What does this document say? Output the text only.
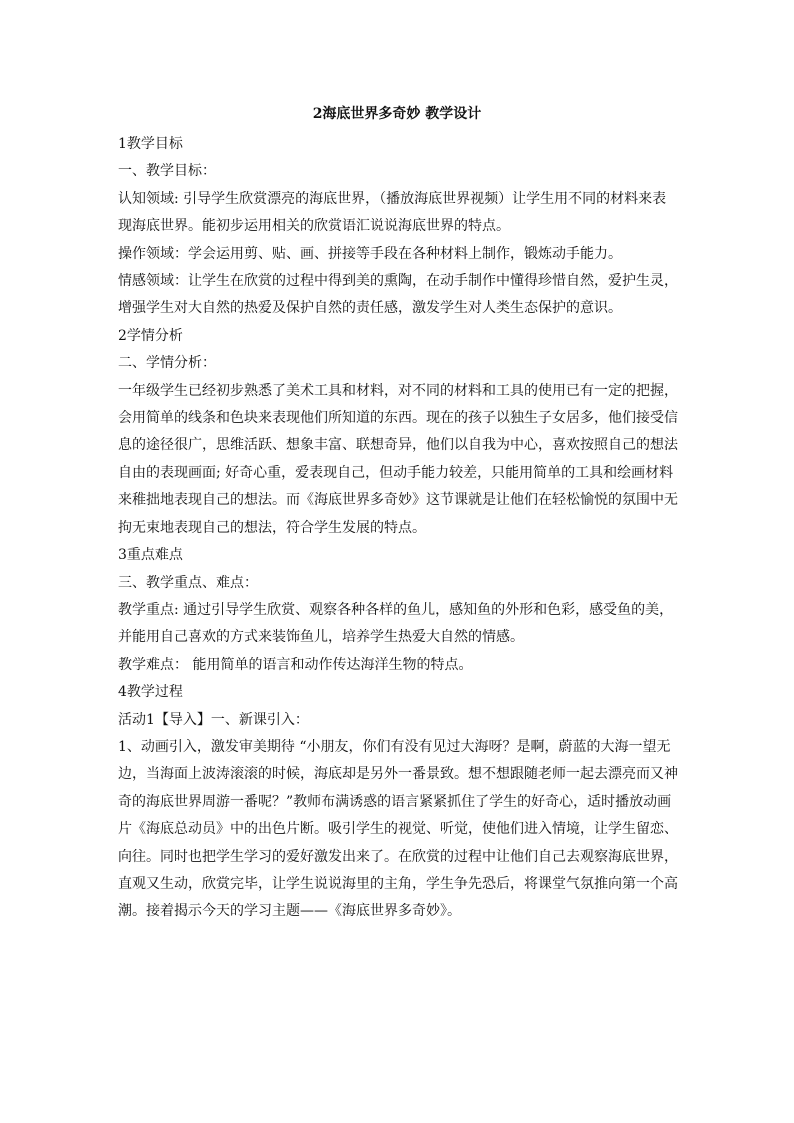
2海底世界多奇妙 教学设计

1教学目标

一、教学目标：

认知领域: 引导学生欣赏漂亮的海底世界，（播放海底世界视频）让学生用不同的材料来表现海底世界。能初步运用相关的欣赏语汇说说海底世界的特点。

操作领域：学会运用剪、贴、画、拼接等手段在各种材料上制作，锻炼动手能力。

情感领域：让学生在欣赏的过程中得到美的熏陶，在动手制作中懂得珍惜自然，爱护生灵，增强学生对大自然的热爱及保护自然的责任感，激发学生对人类生态保护的意识。

2学情分析

二、学情分析：

一年级学生已经初步熟悉了美术工具和材料，对不同的材料和工具的使用已有一定的把握，会用简单的线条和色块来表现他们所知道的东西。现在的孩子以独生子女居多，他们接受信息的途径很广，思维活跃、想象丰富、联想奇异，他们以自我为中心，喜欢按照自己的想法自由的表现画面; 好奇心重，爱表现自己，但动手能力较差，只能用简单的工具和绘画材料来稚拙地表现自己的想法。而《海底世界多奇妙》这节课就是让他们在轻松愉悦的氛围中无拘无束地表现自己的想法，符合学生发展的特点。

3重点难点

三、教学重点、难点：

教学重点: 通过引导学生欣赏、观察各种各样的鱼儿，感知鱼的外形和色彩，感受鱼的美，并能用自己喜欢的方式来装饰鱼儿，培养学生热爱大自然的情感。

教学难点： 能用简单的语言和动作传达海洋生物的特点。

4教学过程

活动1【导入】一、新课引入：

1、动画引入，激发审美期待 “小朋友，你们有没有见过大海呀？是啊，蔚蓝的大海一望无边，当海面上波涛滚滚的时候，海底却是另外一番景致。想不想跟随老师一起去漂亮而又神奇的海底世界周游一番呢？”教师布满诱惑的语言紧紧抓住了学生的好奇心，适时播放动画片《海底总动员》中的出色片断。吸引学生的视觉、听觉，使他们进入情境，让学生留恋、向往。同时也把学生学习的爱好激发出来了。在欣赏的过程中让他们自己去观察海底世界，直观又生动，欣赏完毕，让学生说说海里的主角，学生争先恐后，将课堂气氛推向第一个高潮。接着揭示今天的学习主题——《海底世界多奇妙》。
